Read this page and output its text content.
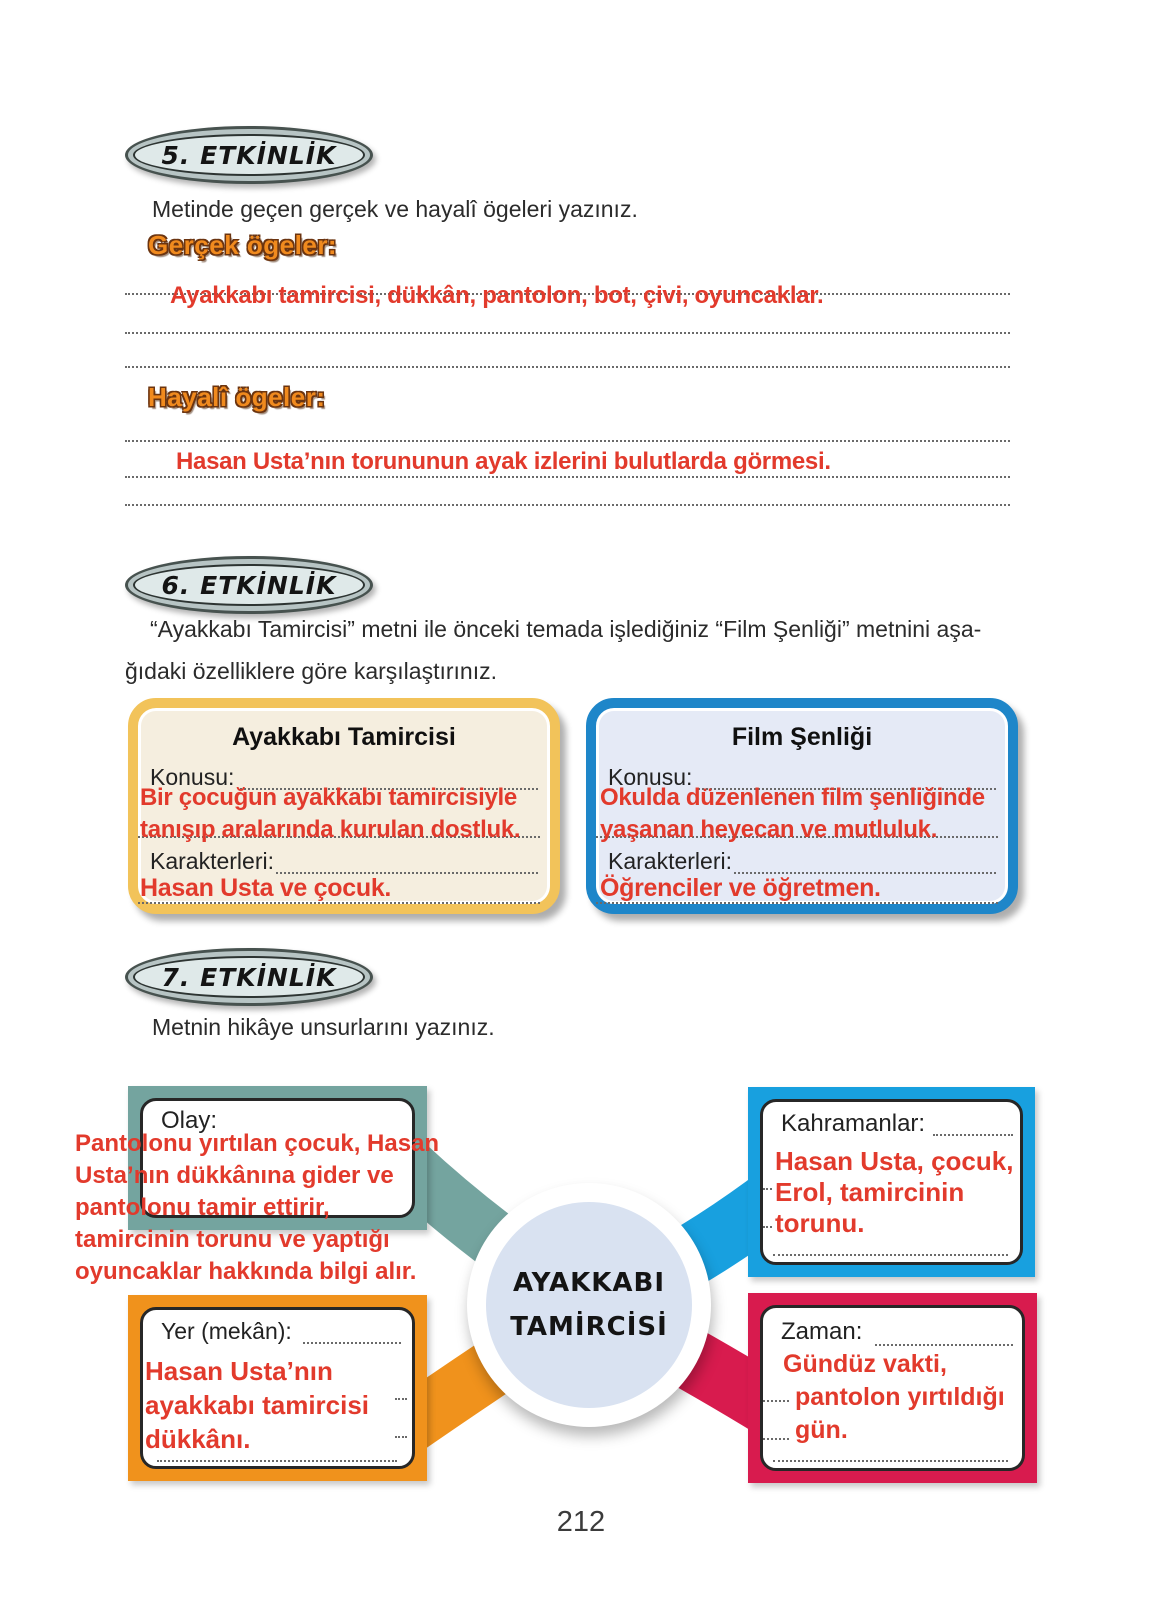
5. ETKİNLİK
Metinde geçen gerçek ve hayalî ögeleri yazınız.
Gerçek ögeler:
Ayakkabı tamircisi, dükkân, pantolon, bot, çivi, oyuncaklar.
Hayalî ögeler:
Hasan Usta’nın torununun ayak izlerini bulutlarda görmesi.
6. ETKİNLİK
“Ayakkabı Tamircisi” metni ile önceki temada işlediğiniz “Film Şenliği” metnini aşa-
ğıdaki özelliklere göre karşılaştırınız.
Ayakkabı Tamircisi
Konusu:
Bir çocuğun ayakkabı tamircisiyle
tanışıp aralarında kurulan dostluk.
Karakterleri:
Hasan Usta ve çocuk.
Film Şenliği
Konusu:
Okulda düzenlenen film şenliğinde
yaşanan heyecan ve mutluluk.
Karakterleri:
Öğrenciler ve öğretmen.
7. ETKİNLİK
Metnin hikâye unsurlarını yazınız.
Olay:
Pantolonu yırtılan çocuk, Hasan
Usta’nın dükkânına gider ve
pantolonu tamir ettirir,
tamircinin torunu ve yaptığı
oyuncaklar hakkında bilgi alır.
Kahramanlar:
Hasan Usta, çocuk,
Erol, tamircinin
torunu.
Yer (mekân):
Hasan Usta’nın
ayakkabı tamircisi
dükkânı.
Zaman:
Gündüz vakti,
pantolon yırtıldığı
gün.
AYAKKABI
TAMİRCİSİ
212
